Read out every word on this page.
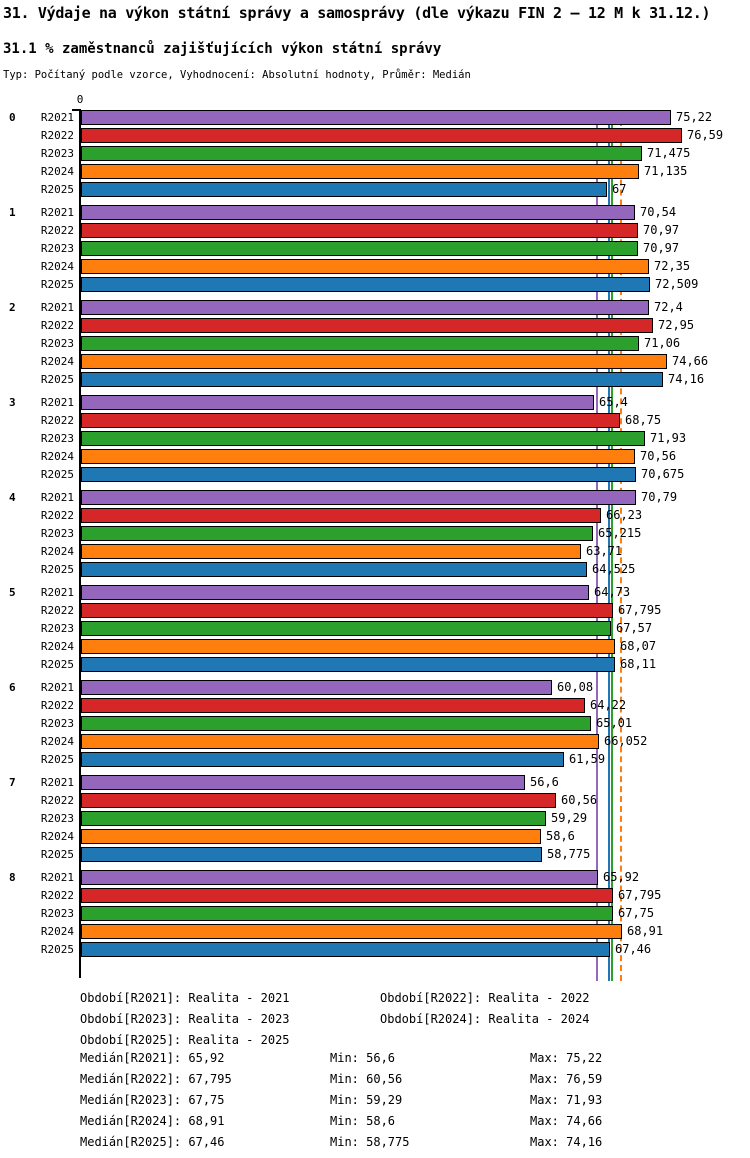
31. Výdaje na výkon státní správy a samosprávy (dle výkazu FIN 2 – 12 M k 31.12.)
31.1 % zaměstnanců zajišťujících výkon státní správy
Typ: Počítaný podle vzorce, Vyhodnocení: Absolutní hodnoty, Průměr: Medián
0
0	R2021	75,22
R2022	76,59
R2023	71,475
R2024	71,135
R2025	67
1	R2021	70,54
R2022	70,97
R2023	70,97
R2024	72,35
R2025	72,509
2	R2021	72,4
R2022	72,95
R2023	71,06
R2024	74,66
R2025	74,16
3	R2021	65,4
R2022	68,75
R2023	71,93
R2024	70,56
R2025	70,675
4	R2021	70,79
R2022	66,23
R2023	65,215
R2024	63,71
R2025	64,525
5	R2021	64,73
R2022	67,795
R2023	67,57
R2024	68,07
R2025	68,11
6	R2021	60,08
R2022	64,22
R2023	65,01
R2024	66,052
R2025	61,59
7	R2021	56,6
R2022	60,56
R2023	59,29
R2024	58,6
R2025	58,775
8	R2021	65,92
R2022	67,795
R2023	67,75
R2024	68,91
R2025	67,46
Období[R2021]: Realita - 2021	Období[R2022]: Realita - 2022
Období[R2023]: Realita - 2023	Období[R2024]: Realita - 2024
Období[R2025]: Realita - 2025
Medián[R2021]: 65,92	Min: 56,6	Max: 75,22
Medián[R2022]: 67,795	Min: 60,56	Max: 76,59
Medián[R2023]: 67,75	Min: 59,29	Max: 71,93
Medián[R2024]: 68,91	Min: 58,6	Max: 74,66
Medián[R2025]: 67,46	Min: 58,775	Max: 74,16
